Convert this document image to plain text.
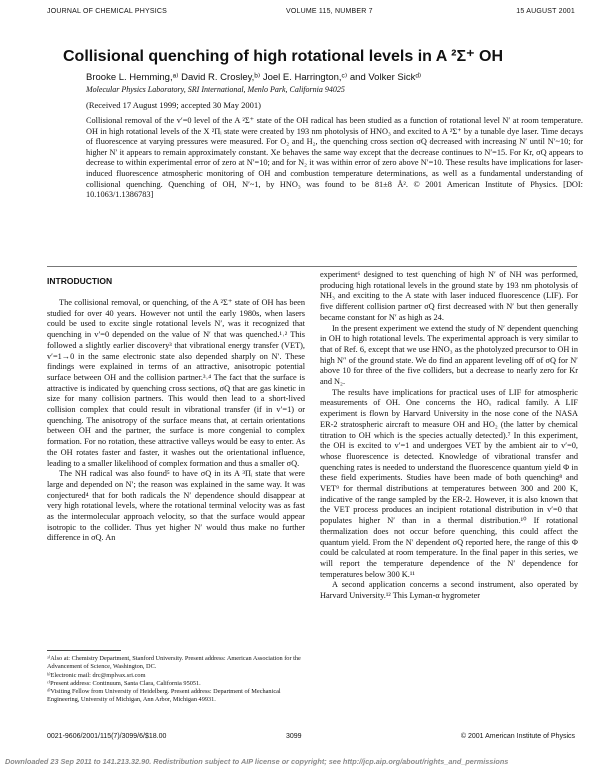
JOURNAL OF CHEMICAL PHYSICS	VOLUME 115, NUMBER 7	15 AUGUST 2001
Collisional quenching of high rotational levels in A ²Σ⁺ OH
Brooke L. Hemming,ᵃ⁾ David R. Crosley,ᵇ⁾ Joel E. Harrington,ᶜ⁾ and Volker Sickᵈ⁾
Molecular Physics Laboratory, SRI International, Menlo Park, California 94025
(Received 17 August 1999; accepted 30 May 2001)
Collisional removal of the v′=0 level of the A ²Σ⁺ state of the OH radical has been studied as a function of rotational level N′ at room temperature. OH in high rotational levels of the X ²Πᵢ state were created by 193 nm photolysis of HNO₃ and excited to A ²Σ⁺ by a tunable dye laser. Time decays of fluorescence at varying pressures were measured. For O₂ and H₂, the quenching cross section σQ decreased with increasing N′ until N′~10; for higher N′ it appears to remain approximately constant. Xe behaves the same way except that the decrease continues to N′=15. For Kr, σQ appears to decrease to within experimental error of zero at N′=10; and for N₂ it was within error of zero above N′=10. These results have implications for laser-induced fluorescence atmospheric monitoring of OH and combustion temperature determinations, as well as a fundamental understanding of collisional quenching. Quenching of OH, N′~1, by HNO₃ was found to be 81±8 Å². © 2001 American Institute of Physics. [DOI: 10.1063/1.1386783]
INTRODUCTION

The collisional removal, or quenching, of the A ²Σ⁺ state of OH has been studied for over 40 years. However not until the early 1980s, when lasers could be used to excite single rotational levels N′, was it recognized that quenching in v′=0 depended on the value of N′ that was quenched.¹˒² This followed a slightly earlier discovery³ that vibrational energy transfer (VET), v′=1→0 in the same electronic state also depended sharply on N′. These findings were explained in terms of an attractive, anisotropic potential surface between OH and the collision partner.³˒⁴ The fact that the surface is attractive is indicated by quenching cross sections, σQ that are gas kinetic in size for many collision partners. This would then lead to a short-lived collision complex that could result in vibrational transfer (if in v′=1) or quenching. The anisotropy of the surface means that, at certain orientations between OH and the partner, the surface is more congenial to complex formation. For no rotation, these attractive valleys would be easy to enter. As the OH rotates faster and faster, it washes out the orientational influence, leading to a smaller likelihood of complex formation and thus a smaller σQ.

The NH radical was also found⁵ to have σQ in its A ³Πᵢ state that were large and depended on N′; the reason was explained in the same way. It was conjectured⁴ that for both radicals the N′ dependence should disappear at very high rotational levels, where the rotational terminal velocity was as fast as the intermolecular approach velocity, so that the surface would appear isotropic to the collider. Thus yet higher N′ would thus make no further difference in σQ. An

experiment⁶ designed to test quenching of high N′ of NH was performed, producing high rotational levels in the ground state by 193 nm photolysis of NH₃ and exciting to the A state with laser induced fluorescence (LIF). For five different collision partner σQ first decreased with N′ but then generally became constant for N′ as high as 24.

In the present experiment we extend the study of N′ dependent quenching in OH to high rotational levels. The experimental approach is very similar to that of Ref. 6, except that we use HNO₃ as the photolyzed precursor to OH in high N″ of the ground state. We do find an apparent leveling off of σQ for N′ above 10 for three of the five colliders, but a decrease to nearly zero for Kr and N₂.

The results have implications for practical uses of LIF for atmospheric measurements of OH. One concerns the HOₓ radical family. A LIF experiment is flown by Harvard University in the nose cone of the NASA ER-2 stratospheric aircraft to measure OH and HO₂ (the latter by chemical titration to OH which is the species actually detected).⁷ In this experiment, the OH is excited to v′=1 and undergoes VET by the ambient air to v′=0, whose fluorescence is detected. Knowledge of vibrational transfer and quenching rates is needed to understand the fluorescence quantum yield Φ in these field experiments. Studies have been made of both quenching⁸ and VET⁹ for thermal distributions at temperatures between 300 and 200 K, indicative of the range sampled by the ER-2. However, it is also known that the VET process produces an incipient rotational distribution in v′=0 that populates higher N′ than in a thermal distribution.¹⁰ If rotational thermalization does not occur before quenching, this could affect the quantum yield. From the N′ dependent σQ reported here, the range of this Φ could be calculated at room temperature. In the final paper in this series, we will report the temperature dependence of the N′ dependence for temperatures below 300 K.¹¹

A second application concerns a second instrument, also operated by Harvard University.¹² This Lyman-α hygrometer

ᵃ⁾Also at: Chemistry Department, Stanford University. Present address: American Association for the Advancement of Science, Washington, DC.
ᵇ⁾Electronic mail: drc@mplvax.sri.com
ᶜ⁾Present address: Continuum, Santa Clara, California 95051.
ᵈ⁾Visiting Fellow from University of Heidelberg. Present address: Department of Mechanical Engineering, University of Michigan, Ann Arbor, Michigan 49931.
0021-9606/2001/115(7)/3099/6/$18.00	3099	© 2001 American Institute of Physics
Downloaded 23 Sep 2011 to 141.213.32.90. Redistribution subject to AIP license or copyright; see http://jcp.aip.org/about/rights_and_permissions
